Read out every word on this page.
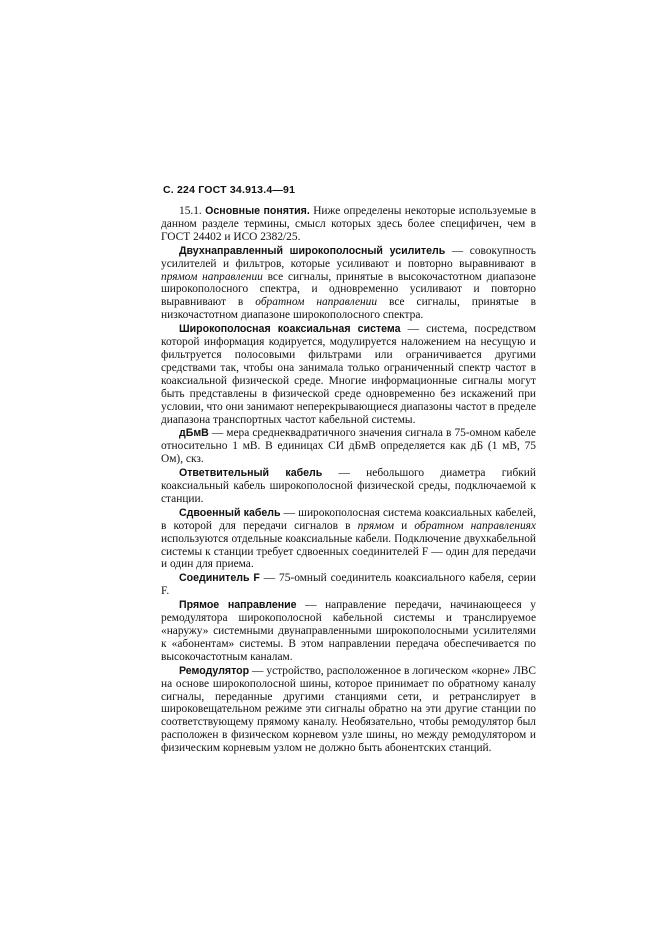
С. 224 ГОСТ 34.913.4—91

15.1. Основные понятия. Ниже определены некоторые используемые в данном разделе термины, смысл которых здесь более специфичен, чем в ГОСТ 24402 и ИСО 2382/25.

Двухнаправленный широкополосный усилитель — совокупность усилителей и фильтров, которые усиливают и повторно выравнивают в прямом направлении все сигналы, принятые в высокочастотном диапазоне широкополосного спектра, и одновременно усиливают и повторно выравнивают в обратном направлении все сигналы, принятые в низкочастотном диапазоне широкополосного спектра.

Широкополосная коаксиальная система — система, посредством которой информация кодируется, модулируется наложением на несущую и фильтруется полосовыми фильтрами или ограничивается другими средствами так, чтобы она занимала только ограниченный спектр частот в коаксиальной физической среде. Многие информационные сигналы могут быть представлены в физической среде одновременно без искажений при условии, что они занимают неперекрывающиеся диапазоны частот в пределе диапазона транспортных частот кабельной системы.

дБмВ — мера среднеквадратичного значения сигнала в 75-омном кабеле относительно 1 мВ. В единицах СИ дБмВ определяется как дБ (1 мВ, 75 Ом), скз.

Ответвительный кабель — небольшого диаметра гибкий коаксиальный кабель широкополосной физической среды, подключаемой к станции.

Сдвоенный кабель — широкополосная система коаксиальных кабелей, в которой для передачи сигналов в прямом и обратном направлениях используются отдельные коаксиальные кабели. Подключение двухкабельной системы к станции требует сдвоенных соединителей F — один для передачи и один для приема.

Соединитель F — 75-омный соединитель коаксиального кабеля, серии F.

Прямое направление — направление передачи, начинающееся у ремодулятора широкополосной кабельной системы и транслируемое «наружу» системными двунаправленными широкополосными усилителями к «абонентам» системы. В этом направлении передача обеспечивается по высокочастотным каналам.

Ремодулятор — устройство, расположенное в логическом «корне» ЛВС на основе широкополосной шины, которое принимает по обратному каналу сигналы, переданные другими станциями сети, и ретранслирует в широковещательном режиме эти сигналы обратно на эти другие станции по соответствующему прямому каналу. Необязательно, чтобы ремодулятор был расположен в физическом корневом узле шины, но между ремодулятором и физическим корневым узлом не должно быть абонентских станций.
